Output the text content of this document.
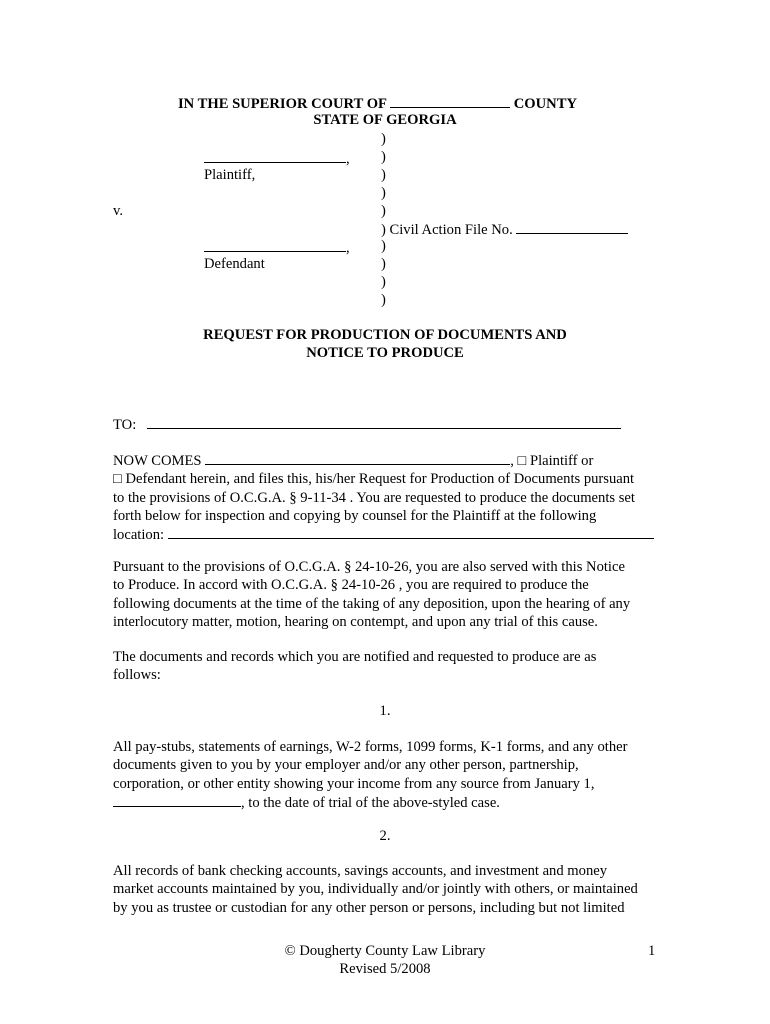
IN THE SUPERIOR COURT OF	COUNTY
STATE OF GEORGIA
)
)
)
)
)
) Civil Action File No.
)
)
)
)
,
Plaintiff,
v.
,
Defendant
REQUEST FOR PRODUCTION OF DOCUMENTS AND
NOTICE TO PRODUCE
TO:
NOW COMES	, □ Plaintiff or
□ Defendant herein, and files this, his/her Request for Production of Documents pursuant
to the provisions of O.C.G.A. § 9-11-34 . You are requested to produce the documents set
forth below for inspection and copying by counsel for the Plaintiff at the following
location:
Pursuant to the provisions of O.C.G.A. § 24-10-26, you are also served with this Notice
to Produce. In accord with O.C.G.A. § 24-10-26 , you are required to produce the
following documents at the time of the taking of any deposition, upon the hearing of any
interlocutory matter, motion, hearing on contempt, and upon any trial of this cause.
The documents and records which you are notified and requested to produce are as
follows:
1.
All pay-stubs, statements of earnings, W-2 forms, 1099 forms, K-1 forms, and any other
documents given to you by your employer and/or any other person, partnership,
corporation, or other entity showing your income from any source from January 1,
, to the date of trial of the above-styled case.
2.
All records of bank checking accounts, savings accounts, and investment and money
market accounts maintained by you, individually and/or jointly with others, or maintained
by you as trustee or custodian for any other person or persons, including but not limited
© Dougherty County Law Library
Revised 5/2008
1
